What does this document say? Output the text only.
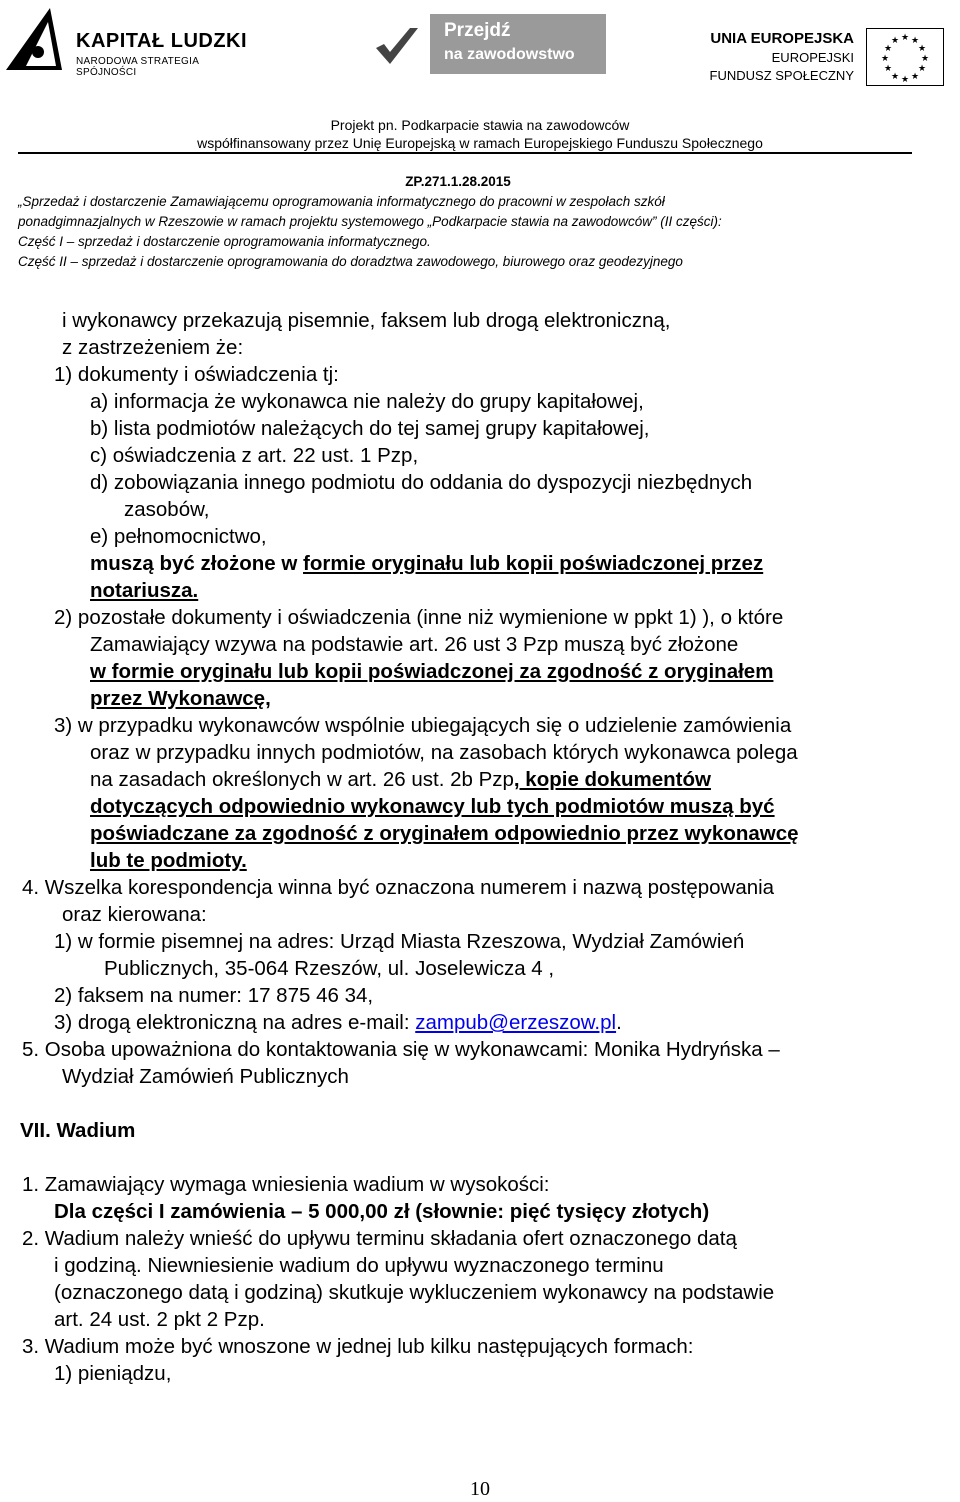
KAPITAŁ LUDZKI
NARODOWA STRATEGIA SPÓJNOŚCI
Przejdź
na zawodowstwo
UNIA EUROPEJSKA
EUROPEJSKI
FUNDUSZ SPOŁECZNY
★ ★
★
★
★
★
★
★
★
★
★
★
Projekt pn. Podkarpacie stawia na zawodowców
współfinansowany przez Unię Europejską w ramach Europejskiego Funduszu Społecznego
ZP.271.1.28.2015
„Sprzedaż i dostarczenie Zamawiającemu oprogramowania informatycznego do pracowni w zespołach szkół
ponadgimnazjalnych w Rzeszowie w ramach projektu systemowego „Podkarpacie stawia na zawodowców” (II części):
Część I – sprzedaż i dostarczenie oprogramowania informatycznego.
Część II – sprzedaż i dostarczenie oprogramowania do doradztwa zawodowego, biurowego oraz geodezyjnego
i wykonawcy przekazują pisemnie, faksem lub drogą elektroniczną,
z zastrzeżeniem że:
1) dokumenty i oświadczenia tj:
a) informacja że wykonawca nie należy do grupy kapitałowej,
b) lista podmiotów należących do tej samej grupy kapitałowej,
c) oświadczenia z art. 22 ust. 1 Pzp,
d) zobowiązania innego podmiotu do oddania do dyspozycji niezbędnych
zasobów,
e) pełnomocnictwo,
muszą być złożone w formie oryginału lub kopii poświadczonej przez
notariusza.
2) pozostałe dokumenty i oświadczenia (inne niż wymienione w ppkt 1) ), o które
Zamawiający wzywa na podstawie art. 26 ust 3 Pzp muszą być złożone
w formie oryginału lub kopii poświadczonej za zgodność z oryginałem
przez Wykonawcę,
3) w przypadku wykonawców wspólnie ubiegających się o udzielenie zamówienia
oraz w przypadku innych podmiotów, na zasobach których wykonawca polega
na zasadach określonych w art. 26 ust. 2b Pzp, kopie dokumentów
dotyczących odpowiednio wykonawcy lub tych podmiotów muszą być
poświadczane za zgodność z oryginałem odpowiednio przez wykonawcę
lub te podmioty.
4. Wszelka korespondencja winna być oznaczona numerem i nazwą postępowania
oraz kierowana:
1) w formie pisemnej na adres: Urząd Miasta Rzeszowa, Wydział Zamówień
Publicznych, 35-064 Rzeszów, ul. Joselewicza 4 ,
2) faksem na numer: 17 875 46 34,
3) drogą elektroniczną na adres e-mail: zampub@erzeszow.pl.
5. Osoba upoważniona do kontaktowania się w wykonawcami: Monika Hydryńska –
Wydział Zamówień Publicznych
VII. Wadium
1. Zamawiający wymaga wniesienia wadium w wysokości:
Dla części I zamówienia – 5 000,00 zł (słownie: pięć tysięcy złotych)
2. Wadium należy wnieść do upływu terminu składania ofert oznaczonego datą
i godziną. Niewniesienie wadium do upływu wyznaczonego terminu
(oznaczonego datą i godziną) skutkuje wykluczeniem wykonawcy na podstawie
art. 24 ust. 2 pkt 2 Pzp.
3. Wadium może być wnoszone w jednej lub kilku następujących formach:
1) pieniądzu,
10
